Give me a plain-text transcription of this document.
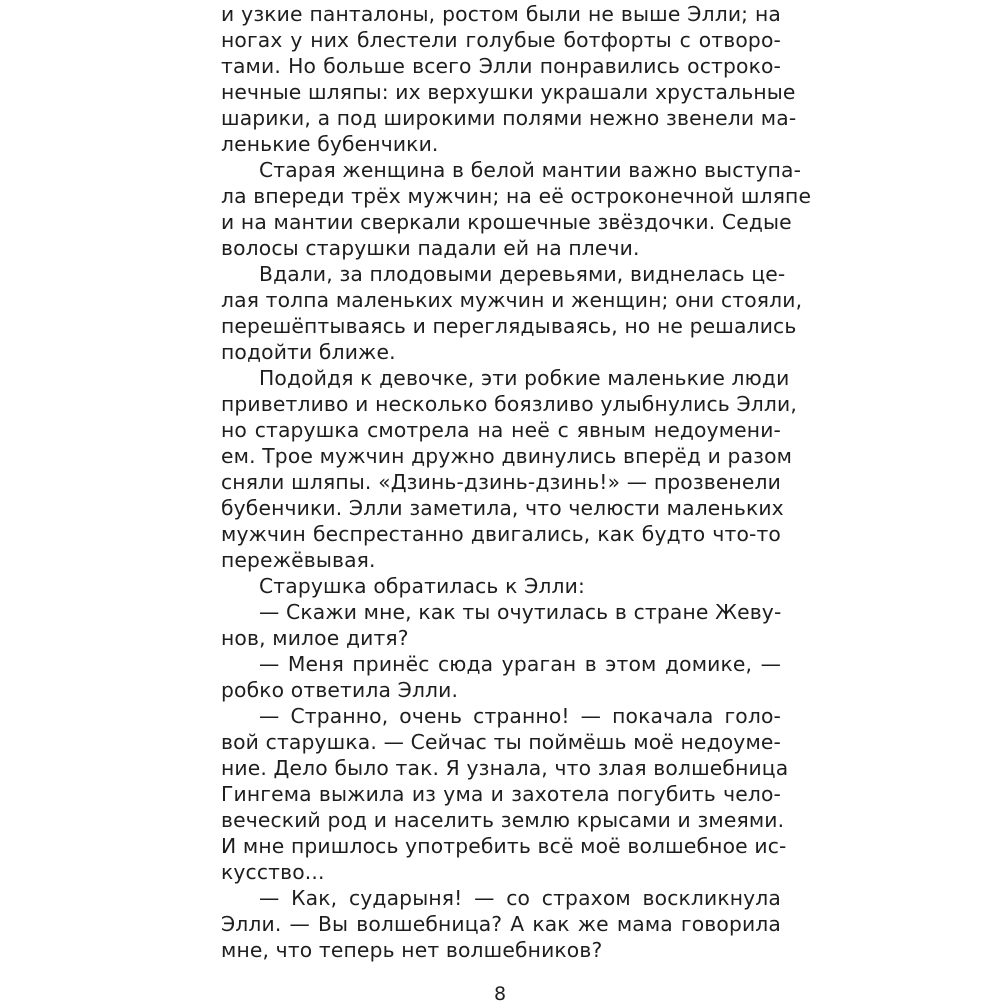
и узкие панталоны, ростом были не выше Элли; на
ногах у них блестели голубые ботфорты с отворо-
тами. Но больше всего Элли понравились остроко-
нечные шляпы: их верхушки украшали хрустальные
шарики, а под широкими полями нежно звенели ма-
ленькие бубенчики.
Старая женщина в белой мантии важно выступа-
ла впереди трёх мужчин; на её остроконечной шляпе
и на мантии сверкали крошечные звёздочки. Седые
волосы старушки падали ей на плечи.
Вдали, за плодовыми деревьями, виднелась це-
лая толпа маленьких мужчин и женщин; они стояли,
перешёптываясь и переглядываясь, но не решались
подойти ближе.
Подойдя к девочке, эти робкие маленькие люди
приветливо и несколько боязливо улыбнулись Элли,
но старушка смотрела на неё с явным недоумени-
ем. Трое мужчин дружно двинулись вперёд и разом
сняли шляпы. «Дзинь-дзинь-дзинь!» — прозвенели
бубенчики. Элли заметила, что челюсти маленьких
мужчин беспрестанно двигались, как будто что-то
пережёвывая.
Старушка обратилась к Элли:
— Скажи мне, как ты очутилась в стране Жеву-
нов, милое дитя?
— Меня принёс сюда ураган в этом домике, —
робко ответила Элли.
— Странно, очень странно! — покачала голо-
вой старушка. — Сейчас ты поймёшь моё недоуме-
ние. Дело было так. Я узнала, что злая волшебница
Гингема выжила из ума и захотела погубить чело-
веческий род и населить землю крысами и змеями.
И мне пришлось употребить всё моё волшебное ис-
кусство...
— Как, сударыня! — со страхом воскликнула
Элли. — Вы волшебница? А как же мама говорила
мне, что теперь нет волшебников?
8
